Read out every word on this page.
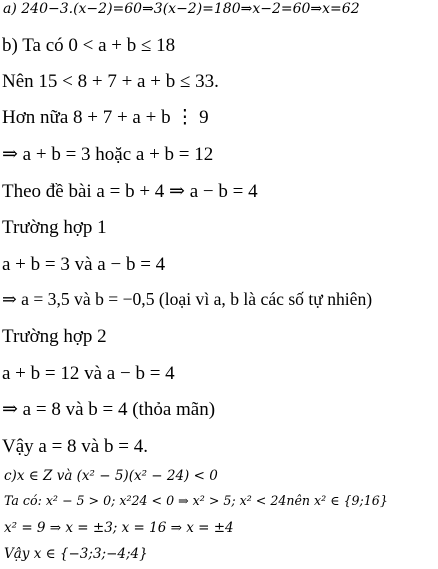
a) 240−3.(x−2)=60⇒3(x−2)=180⇒x−2=60⇒x=62
b) Ta có 0 < a + b ≤ 18
Nên 15 < 8 + 7 + a + b ≤ 33.
Hơn nữa 8 + 7 + a + b ⋮ 9
⇒ a + b = 3 hoặc a + b = 12
Theo đề bài a = b + 4 ⇒ a − b = 4
Trường hợp 1
a + b = 3 và a − b = 4
⇒ a = 3,5 và b = −0,5 (loại vì a, b là các số tự nhiên)
Trường hợp 2
a + b = 12 và a − b = 4
⇒ a = 8 và b = 4 (thỏa mãn)
Vậy a = 8 và b = 4.
c)x ∈ Z và (x² − 5)(x² − 24) < 0
Ta có: x² − 5 > 0; x²24 < 0 ⇒ x² > 5; x² < 24nên x² ∈ {9;16}
x² = 9 ⇒ x = ±3; x = 16 ⇒ x = ±4
Vậy x ∈ {−3;3;−4;4}
